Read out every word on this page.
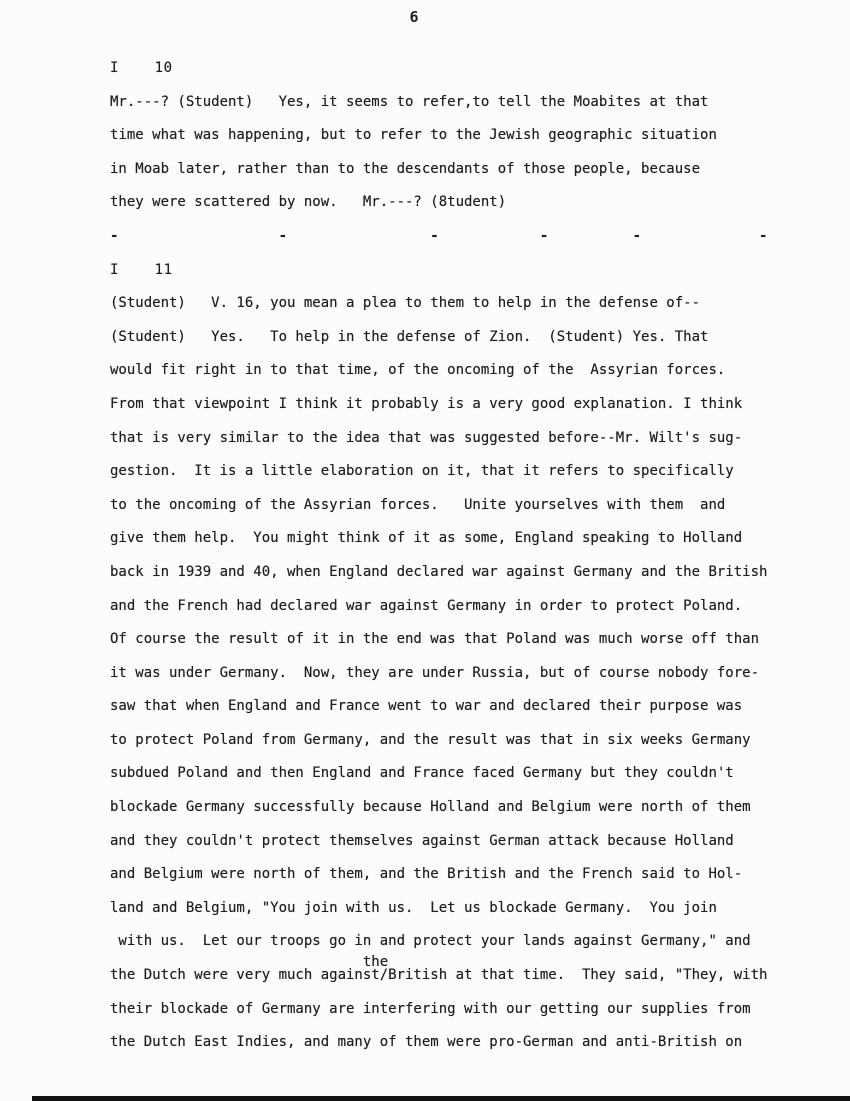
6
I    10
Mr.---? (Student)   Yes, it seems to refer,to tell the Moabites at that
time what was happening, but to refer to the Jewish geographic situation
in Moab later, rather than to the descendants of those people, because
they were scattered by now.   Mr.---? (8tudent)
-                   -                 -            -          -              -
I    11
(Student)   V. 16, you mean a plea to them to help in the defense of--
(Student)   Yes.   To help in the defense of Zion.  (Student) Yes. That
would fit right in to that time, of the oncoming of the  Assyrian forces.
From that viewpoint I think it probably is a very good explanation. I think
that is very similar to the idea that was suggested before--Mr. Wilt's sug-
gestion.  It is a little elaboration on it, that it refers to specifically
to the oncoming of the Assyrian forces.   Unite yourselves with them  and
give them help.  You might think of it as some, England speaking to Holland
back in 1939 and 40, when England declared war against Germany and the British
and the French had declared war against Germany in order to protect Poland.
Of course the result of it in the end was that Poland was much worse off than
it was under Germany.  Now, they are under Russia, but of course nobody fore-
saw that when England and France went to war and declared their purpose was
to protect Poland from Germany, and the result was that in six weeks Germany
subdued Poland and then England and France faced Germany but they couldn't
blockade Germany successfully because Holland and Belgium were north of them
and they couldn't protect themselves against German attack because Holland
and Belgium were north of them, and the British and the French said to Hol-
land and Belgium, "You join with us.  Let us blockade Germany.  You join
with us.  Let our troops go in and protect your lands against Germany," and
the
the Dutch were very much against/British at that time.  They said, "They, with
their blockade of Germany are interfering with our getting our supplies from
the Dutch East Indies, and many of them were pro-German and anti-British on
